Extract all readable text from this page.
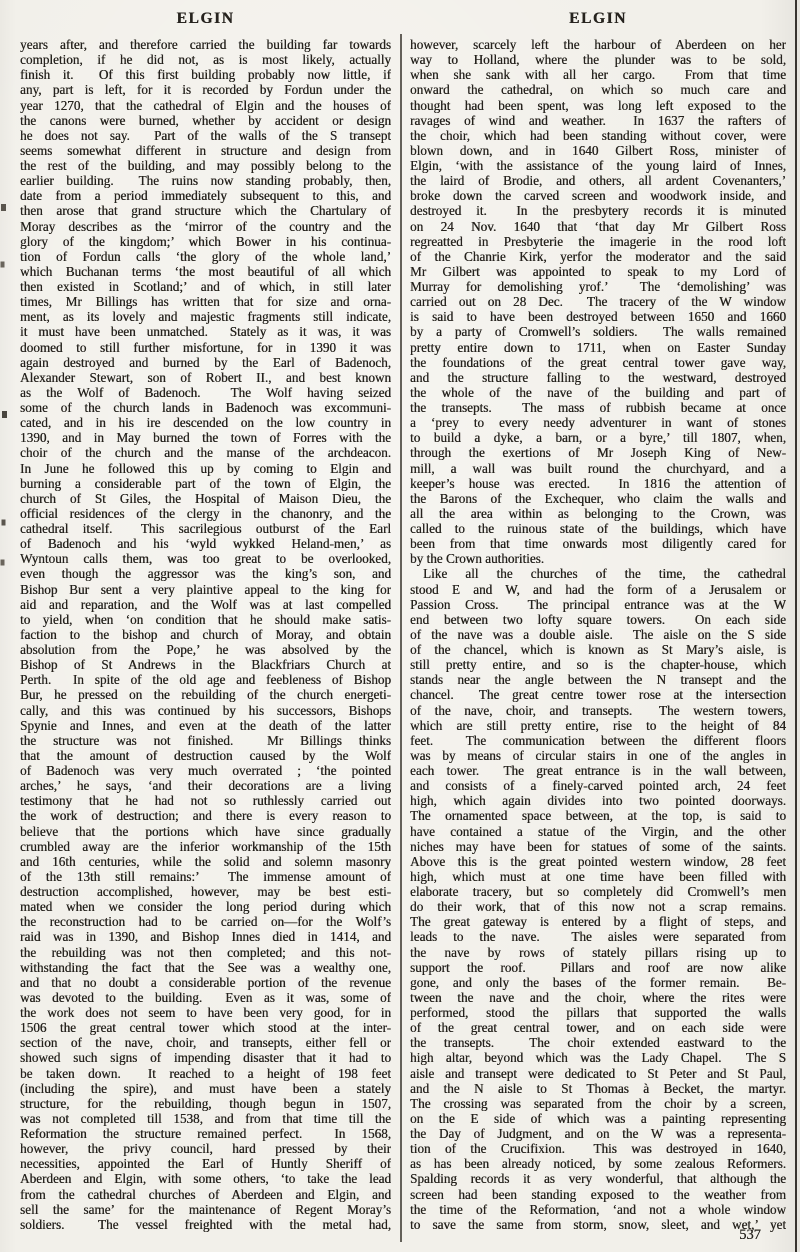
ELGIN	ELGIN
years after, and therefore carried the building far towards
completion, if he did not, as is most likely, actually
finish it.  Of this first building probably now little, if
any, part is left, for it is recorded by Fordun under the
year 1270, that the cathedral of Elgin and the houses of
the canons were burned, whether by accident or design
he does not say.  Part of the walls of the S transept
seems somewhat different in structure and design from
the rest of the building, and may possibly belong to the
earlier building.  The ruins now standing probably, then,
date from a period immediately subsequent to this, and
then arose that grand structure which the Chartulary of
Moray describes as the ‘mirror of the country and the
glory of the kingdom;’ which Bower in his continua-
tion of Fordun calls ‘the glory of the whole land,’
which Buchanan terms ‘the most beautiful of all which
then existed in Scotland;’ and of which, in still later
times, Mr Billings has written that for size and orna-
ment, as its lovely and majestic fragments still indicate,
it must have been unmatched.  Stately as it was, it was
doomed to still further misfortune, for in 1390 it was
again destroyed and burned by the Earl of Badenoch,
Alexander Stewart, son of Robert II., and best known
as the Wolf of Badenoch.  The Wolf having seized
some of the church lands in Badenoch was excommuni-
cated, and in his ire descended on the low country in
1390, and in May burned the town of Forres with the
choir of the church and the manse of the archdeacon.
In June he followed this up by coming to Elgin and
burning a considerable part of the town of Elgin, the
church of St Giles, the Hospital of Maison Dieu, the
official residences of the clergy in the chanonry, and the
cathedral itself.  This sacrilegious outburst of the Earl
of Badenoch and his ‘wyld wykked Heland-men,’ as
Wyntoun calls them, was too great to be overlooked,
even though the aggressor was the king’s son, and
Bishop Bur sent a very plaintive appeal to the king for
aid and reparation, and the Wolf was at last compelled
to yield, when ‘on condition that he should make satis-
faction to the bishop and church of Moray, and obtain
absolution from the Pope,’ he was absolved by the
Bishop of St Andrews in the Blackfriars Church at
Perth.  In spite of the old age and feebleness of Bishop
Bur, he pressed on the rebuilding of the church energeti-
cally, and this was continued by his successors, Bishops
Spynie and Innes, and even at the death of the latter
the structure was not finished.  Mr Billings thinks
that the amount of destruction caused by the Wolf
of Badenoch was very much overrated ; ‘the pointed
arches,’ he says, ‘and their decorations are a living
testimony that he had not so ruthlessly carried out
the work of destruction; and there is every reason to
believe that the portions which have since gradually
crumbled away are the inferior workmanship of the 15th
and 16th centuries, while the solid and solemn masonry
of the 13th still remains:’  The immense amount of
destruction accomplished, however, may be best esti-
mated when we consider the long period during which
the reconstruction had to be carried on—for the Wolf’s
raid was in 1390, and Bishop Innes died in 1414, and
the rebuilding was not then completed; and this not-
withstanding the fact that the See was a wealthy one,
and that no doubt a considerable portion of the revenue
was devoted to the building.  Even as it was, some of
the work does not seem to have been very good, for in
1506 the great central tower which stood at the inter-
section of the nave, choir, and transepts, either fell or
showed such signs of impending disaster that it had to
be taken down.  It reached to a height of 198 feet
(including the spire), and must have been a stately
structure, for the rebuilding, though begun in 1507,
was not completed till 1538, and from that time till the
Reformation the structure remained perfect.  In 1568,
however, the privy council, hard pressed by their
necessities, appointed the Earl of Huntly Sheriff of
Aberdeen and Elgin, with some others, ‘to take the lead
from the cathedral churches of Aberdeen and Elgin, and
sell the same’ for the maintenance of Regent Moray’s
soldiers.  The vessel freighted with the metal had,
however, scarcely left the harbour of Aberdeen on her
way to Holland, where the plunder was to be sold,
when she sank with all her cargo.  From that time
onward the cathedral, on which so much care and
thought had been spent, was long left exposed to the
ravages of wind and weather.  In 1637 the rafters of
the choir, which had been standing without cover, were
blown down, and in 1640 Gilbert Ross, minister of
Elgin, ‘with the assistance of the young laird of Innes,
the laird of Brodie, and others, all ardent Covenanters,’
broke down the carved screen and woodwork inside, and
destroyed it.  In the presbytery records it is minuted
on 24 Nov. 1640 that ‘that day Mr Gilbert Ross
regreatted in Presbyterie the imagerie in the rood loft
of the Chanrie Kirk, yerfor the moderator and the said
Mr Gilbert was appointed to speak to my Lord of
Murray for demolishing yrof.’  The ‘demolishing’ was
carried out on 28 Dec.  The tracery of the W window
is said to have been destroyed between 1650 and 1660
by a party of Cromwell’s soldiers.  The walls remained
pretty entire down to 1711, when on Easter Sunday
the foundations of the great central tower gave way,
and the structure falling to the westward, destroyed
the whole of the nave of the building and part of
the transepts.  The mass of rubbish became at once
a ‘prey to every needy adventurer in want of stones
to build a dyke, a barn, or a byre,’ till 1807, when,
through the exertions of Mr Joseph King of New-
mill, a wall was built round the churchyard, and a
keeper’s house was erected.  In 1816 the attention of
the Barons of the Exchequer, who claim the walls and
all the area within as belonging to the Crown, was
called to the ruinous state of the buildings, which have
been from that time onwards most diligently cared for
by the Crown authorities.
Like all the churches of the time, the cathedral
stood E and W, and had the form of a Jerusalem or
Passion Cross.  The principal entrance was at the W
end between two lofty square towers.  On each side
of the nave was a double aisle.  The aisle on the S side
of the chancel, which is known as St Mary’s aisle, is
still pretty entire, and so is the chapter-house, which
stands near the angle between the N transept and the
chancel.  The great centre tower rose at the intersection
of the nave, choir, and transepts.  The western towers,
which are still pretty entire, rise to the height of 84
feet.  The communication between the different floors
was by means of circular stairs in one of the angles in
each tower.  The great entrance is in the wall between,
and consists of a finely-carved pointed arch, 24 feet
high, which again divides into two pointed doorways.
The ornamented space between, at the top, is said to
have contained a statue of the Virgin, and the other
niches may have been for statues of some of the saints.
Above this is the great pointed western window, 28 feet
high, which must at one time have been filled with
elaborate tracery, but so completely did Cromwell’s men
do their work, that of this now not a scrap remains.
The great gateway is entered by a flight of steps, and
leads to the nave.  The aisles were separated from
the nave by rows of stately pillars rising up to
support the roof.  Pillars and roof are now alike
gone, and only the bases of the former remain.  Be-
tween the nave and the choir, where the rites were
performed, stood the pillars that supported the walls
of the great central tower, and on each side were
the transepts.  The choir extended eastward to the
high altar, beyond which was the Lady Chapel.  The S
aisle and transept were dedicated to St Peter and St Paul,
and the N aisle to St Thomas à Becket, the martyr.
The crossing was separated from the choir by a screen,
on the E side of which was a painting representing
the Day of Judgment, and on the W was a representa-
tion of the Crucifixion.  This was destroyed in 1640,
as has been already noticed, by some zealous Reformers.
Spalding records it as very wonderful, that although the
screen had been standing exposed to the weather from
the time of the Reformation, ‘and not a whole window
to save the same from storm, snow, sleet, and wet,’ yet
537
